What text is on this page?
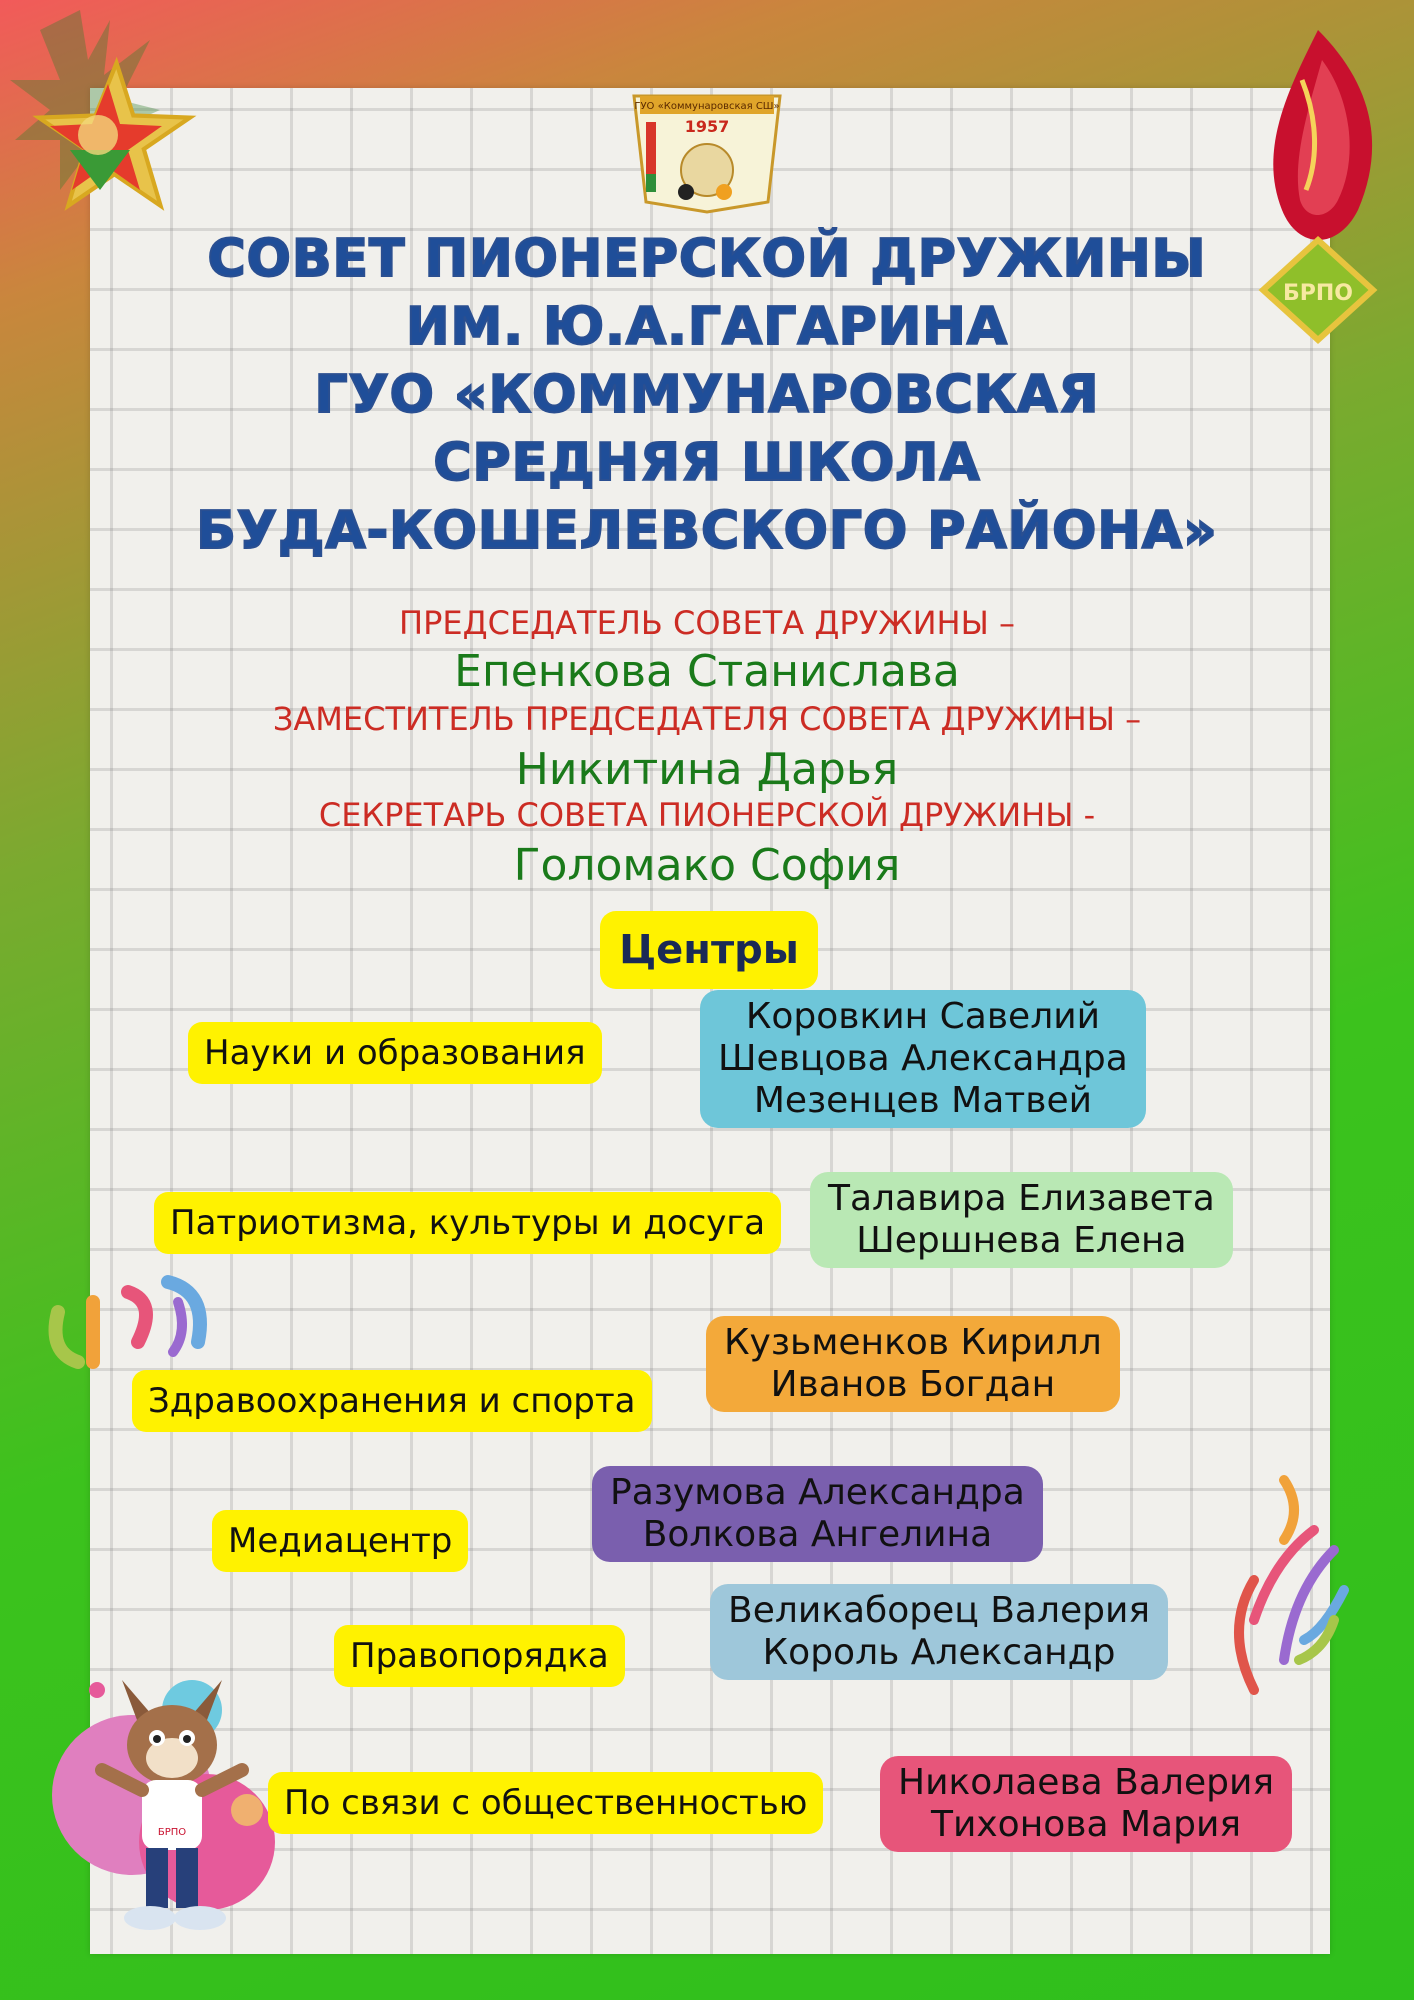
ГУО «Коммунаровская СШ»
1957
БРПО
СОВЕТ ПИОНЕРСКОЙ ДРУЖИНЫ
ИМ. Ю.А.ГАГАРИНА
ГУО «КОММУНАРОВСКАЯ
СРЕДНЯЯ ШКОЛА
БУДА-КОШЕЛЕВСКОГО РАЙОНА»
ПРЕДСЕДАТЕЛЬ СОВЕТА ДРУЖИНЫ –
Епенкова Станислава
ЗАМЕСТИТЕЛЬ ПРЕДСЕДАТЕЛЯ СОВЕТА ДРУЖИНЫ –
Никитина Дарья
СЕКРЕТАРЬ СОВЕТА ПИОНЕРСКОЙ ДРУЖИНЫ -
Голомако София
Центры
Науки и образования
Коровкин Савелий
Шевцова Александра
Мезенцев Матвей
Патриотизма, культуры и досуга
Талавира Елизавета
Шершнева Елена
Здравоохранения и спорта
Кузьменков Кирилл
Иванов Богдан
Медиацентр
Разумова Александра
Волкова Ангелина
Правопорядка
Великаборец Валерия
Король Александр
БРПО
По связи с общественностью	Николаева Валерия
Тихонова Мария
